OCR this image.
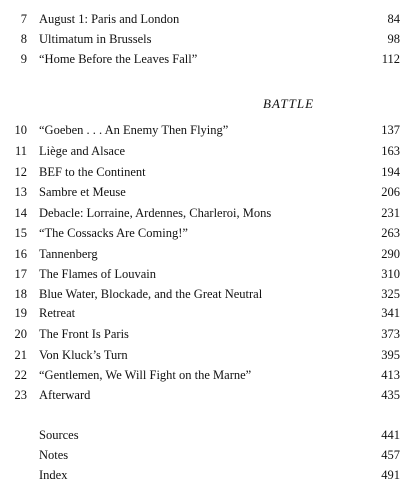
7 August 1: Paris and London	84
8 Ultimatum in Brussels	98
9 “Home Before the Leaves Fall”	112
BATTLE
10 “Goeben . . . An Enemy Then Flying”	137
11 Liège and Alsace	163
12 BEF to the Continent	194
13 Sambre et Meuse	206
14 Debacle: Lorraine, Ardennes, Charleroi, Mons	231
15 “The Cossacks Are Coming!”	263
16 Tannenberg	290
17 The Flames of Louvain	310
18 Blue Water, Blockade, and the Great Neutral	325
19 Retreat	341
20 The Front Is Paris	373
21 Von Kluck’s Turn	395
22 “Gentlemen, We Will Fight on the Marne”	413
23 Afterward	435
Sources	441
Notes	457
Index	491
